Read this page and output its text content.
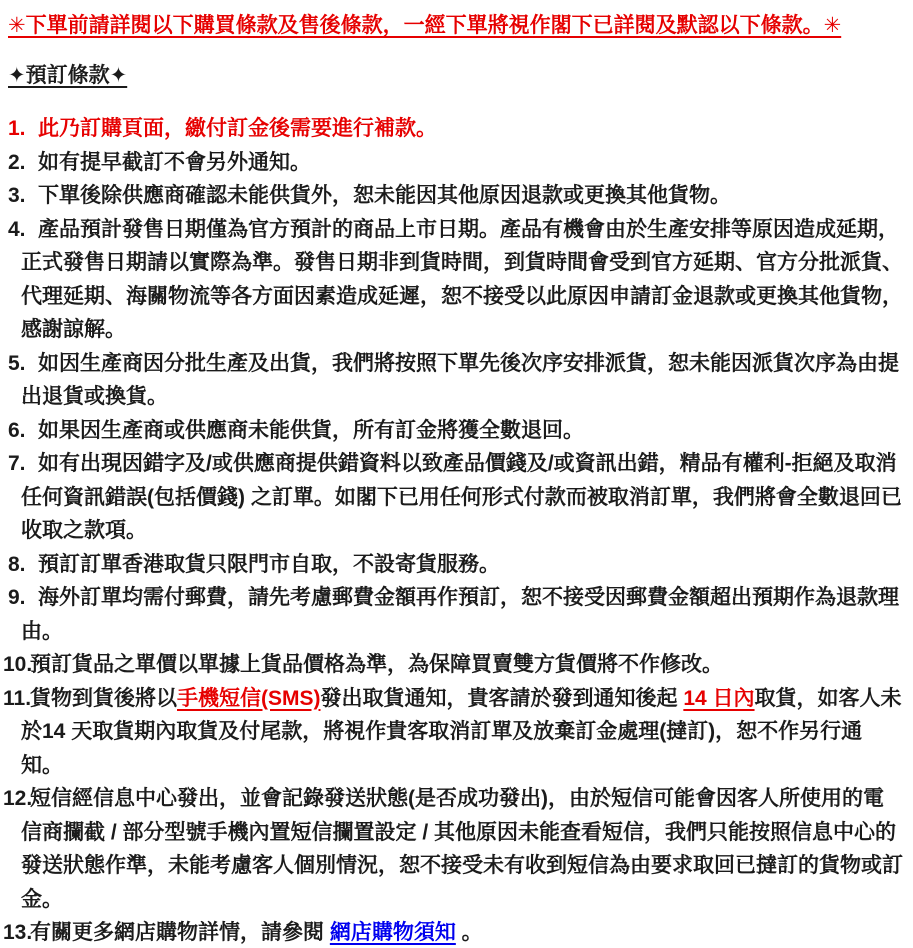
✳下單前請詳閱以下購買條款及售後條款，一經下單將視作閣下已詳閱及默認以下條款。✳
✦預訂條款✦
1. 此乃訂購頁面，繳付訂金後需要進行補款。
2. 如有提早截訂不會另外通知。
3. 下單後除供應商確認未能供貨外，恕未能因其他原因退款或更換其他貨物。
4. 產品預計發售日期僅為官方預計的商品上市日期。產品有機會由於生產安排等原因造成延期，正式發售日期請以實際為準。發售日期非到貨時間，到貨時間會受到官方延期、官方分批派貨、代理延期、海關物流等各方面因素造成延遲，恕不接受以此原因申請訂金退款或更換其他貨物，感謝諒解。
5. 如因生產商因分批生產及出貨，我們將按照下單先後次序安排派貨，恕未能因派貨次序為由提出退貨或換貨。
6. 如果因生產商或供應商未能供貨，所有訂金將獲全數退回。
7. 如有出現因錯字及/或供應商提供錯資料以致產品價錢及/或資訊出錯，精品有權利-拒絕及取消任何資訊錯誤(包括價錢) 之訂單。如閣下已用任何形式付款而被取消訂單，我們將會全數退回已收取之款項。
8. 預訂訂單香港取貨只限門市自取，不設寄貨服務。
9. 海外訂單均需付郵費，請先考慮郵費金額再作預訂，恕不接受因郵費金額超出預期作為退款理由。
10.
預訂貨品之單價以單據上貨品價格為準，為保障買賣雙方貨價將不作修改。
11.
貨物到貨後將以手機短信(SMS)發出取貨通知，貴客請於發到通知後起 14 日內取貨，如客人未於14 天取貨期內取貨及付尾款，將視作貴客取消訂單及放棄訂金處理(撻訂)，恕不作另行通知。
12.
短信經信息中心發出，並會記錄發送狀態(是否成功發出)，由於短信可能會因客人所使用的電信商攔截 / 部分型號手機內置短信攔置設定 / 其他原因未能查看短信，我們只能按照信息中心的發送狀態作準，未能考慮客人個別情況，恕不接受未有收到短信為由要求取回已撻訂的貨物或訂金。
13.
有關更多網店購物詳情，請參閱 網店購物須知 。
